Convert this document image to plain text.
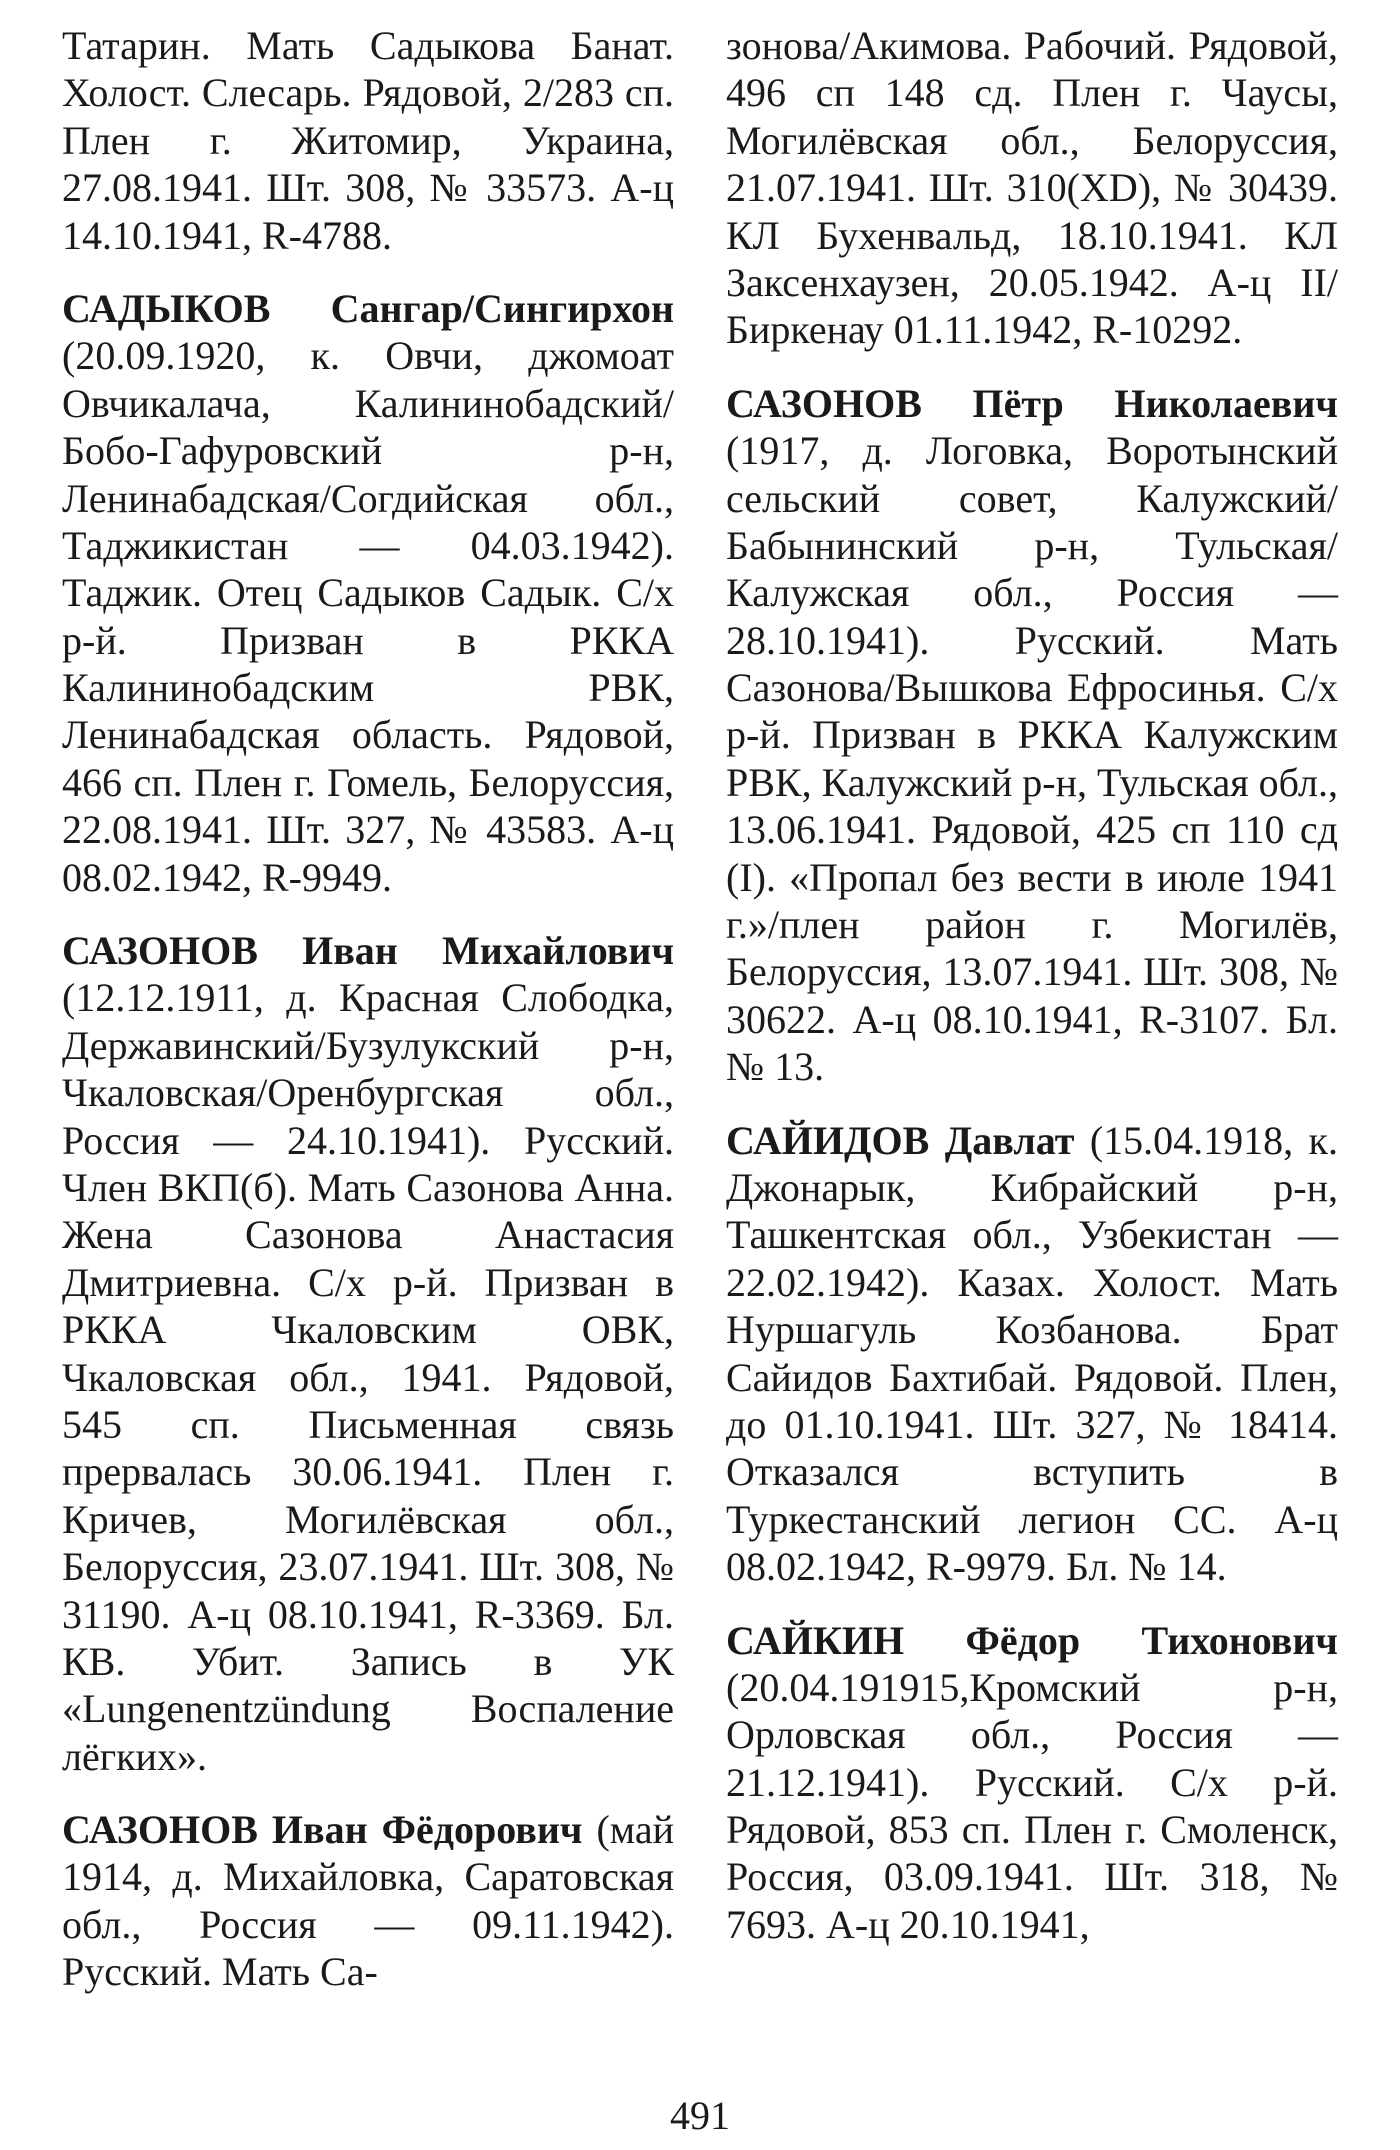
Татарин. Мать Садыкова Банат. Холост. Слесарь. Рядовой, 2/283 сп. Плен г. Житомир, Украина, 27.08.1941. Шт. 308, № 33573. А-ц 14.10.1941, R-4788.

САДЫКОВ Сангар/Сингирхон (20.09.1920, к. Овчи, джомоат Овчикалача, Калининобадский/Бобо-Гафуровский р-н, Ленинабадская/Согдийская обл., Таджикистан — 04.03.1942). Таджик. Отец Садыков Садык. С/х р-й. Призван в РККА Калининобадским РВК, Ленинабадская область. Рядовой, 466 сп. Плен г. Гомель, Белоруссия, 22.08.1941. Шт. 327, № 43583. А-ц 08.02.1942, R-9949.

САЗОНОВ Иван Михайлович (12.12.1911, д. Красная Слободка, Державинский/Бузулукский р-н, Чкаловская/Оренбургская обл., Россия — 24.10.1941). Русский. Член ВКП(б). Мать Сазонова Анна. Жена Сазонова Анастасия Дмитриевна. С/х р-й. Призван в РККА Чкаловским ОВК, Чкаловская обл., 1941. Рядовой, 545 сп. Письменная связь прервалась 30.06.1941. Плен г. Кричев, Могилёвская обл., Белоруссия, 23.07.1941. Шт. 308, № 31190. А-ц 08.10.1941, R-3369. Бл. КВ. Убит. Запись в УК «Lungenentzündung Воспаление лёгких».

САЗОНОВ Иван Фёдорович (май 1914, д. Михайловка, Саратовская обл., Россия — 09.11.1942). Русский. Мать Са-

зонова/Акимова. Рабочий. Рядовой, 496 сп 148 сд. Плен г. Чаусы, Могилёвская обл., Белоруссия, 21.07.1941. Шт. 310(XD), № 30439. КЛ Бухенвальд, 18.10.1941. КЛ Заксенхаузен, 20.05.1942. А-ц II/Биркенау 01.11.1942, R-10292.

САЗОНОВ Пётр Николаевич (1917, д. Логовка, Воротынский сельский совет, Калужский/Бабынинский р-н, Тульская/Калужская обл., Россия — 28.10.1941). Русский. Мать Сазонова/Вышкова Ефросинья. С/х р-й. Призван в РККА Калужским РВК, Калужский р-н, Тульская обл., 13.06.1941. Рядовой, 425 сп 110 сд (I). «Пропал без вести в июле 1941 г.»/плен район г. Могилёв, Белоруссия, 13.07.1941. Шт. 308, № 30622. А-ц 08.10.1941, R-3107. Бл. № 13.

САЙИДОВ Давлат (15.04.1918, к. Джонарык, Кибрайский р-н, Ташкентская обл., Узбекистан — 22.02.1942). Казах. Холост. Мать Нуршагуль Козбанова. Брат Сайидов Бахтибай. Рядовой. Плен, до 01.10.1941. Шт. 327, № 18414. Отказался вступить в Туркестанский легион СС. А-ц 08.02.1942, R-9979. Бл. № 14.

САЙКИН Фёдор Тихонович (20.04.191915,Кромский р-н, Орловская обл., Россия — 21.12.1941). Русский. С/х р-й. Рядовой, 853 сп. Плен г. Смоленск, Россия, 03.09.1941. Шт. 318, № 7693. А-ц 20.10.1941,

491
